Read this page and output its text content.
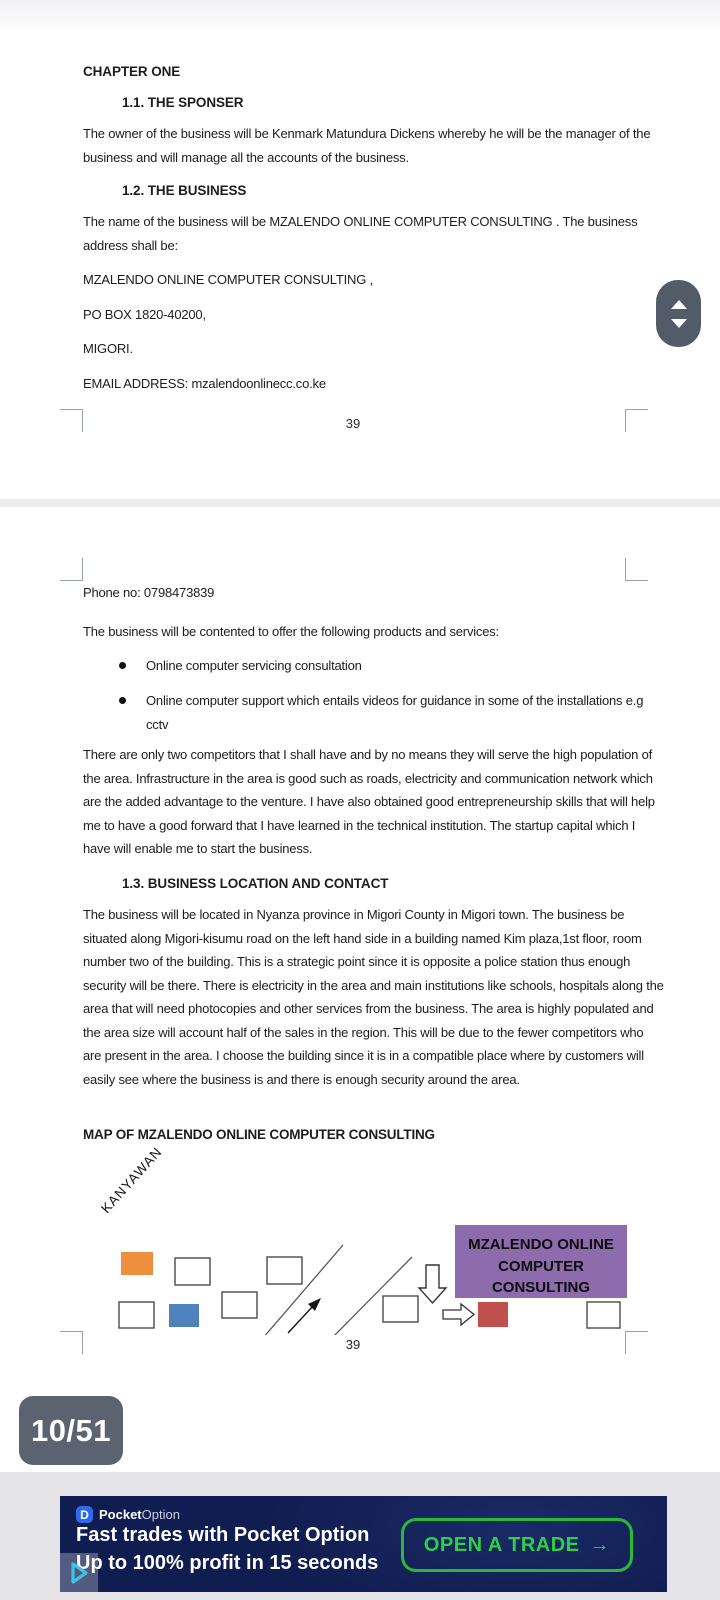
CHAPTER ONE
1.1. THE SPONSER
The owner of the business will be Kenmark Matundura Dickens whereby he will be the manager of the business and will manage all the accounts of the business.
1.2. THE BUSINESS
The name of the business will be MZALENDO ONLINE COMPUTER CONSULTING . The business address shall be:
MZALENDO ONLINE COMPUTER CONSULTING ,
PO BOX 1820-40200,
MIGORI.
EMAIL ADDRESS: mzalendoonlinecc.co.ke
39
Phone no: 0798473839
The business will be contented to offer the following products and services:
Online computer servicing consultation
Online computer support which entails videos for guidance in some of the installations e.g cctv
There are only two competitors that I shall have and by no means they will serve the high population of the area. Infrastructure in the area is good such as roads, electricity and communication network which are the added advantage to the venture. I have also obtained good entrepreneurship skills that will help me to have a good forward that I have learned in the technical institution. The startup capital which I have will enable me to start the business.
1.3. BUSINESS LOCATION AND CONTACT
The business will be located in Nyanza province in Migori County in Migori town. The business be situated along Migori-kisumu road on the left hand side in a building named Kim plaza,1st floor, room number two of the building. This is a strategic point since it is opposite a police station thus enough security will be there. There is electricity in the area and main institutions like schools, hospitals along the area that will need photocopies and other services from the business. The area is highly populated and the area size will account half of the sales in the region. This will be due to the fewer competitors who are present in the area. I choose the building since it is in a compatible place where by customers will easily see where the business is and there is enough security around the area.
MAP OF MZALENDO ONLINE COMPUTER CONSULTING
KANYAWAN
MZALENDO ONLINE
COMPUTER
CONSULTING
39
10/51
D PocketOption
Fast trades with Pocket Option
Up to 100% profit in 15 seconds
OPEN A TRADE →
